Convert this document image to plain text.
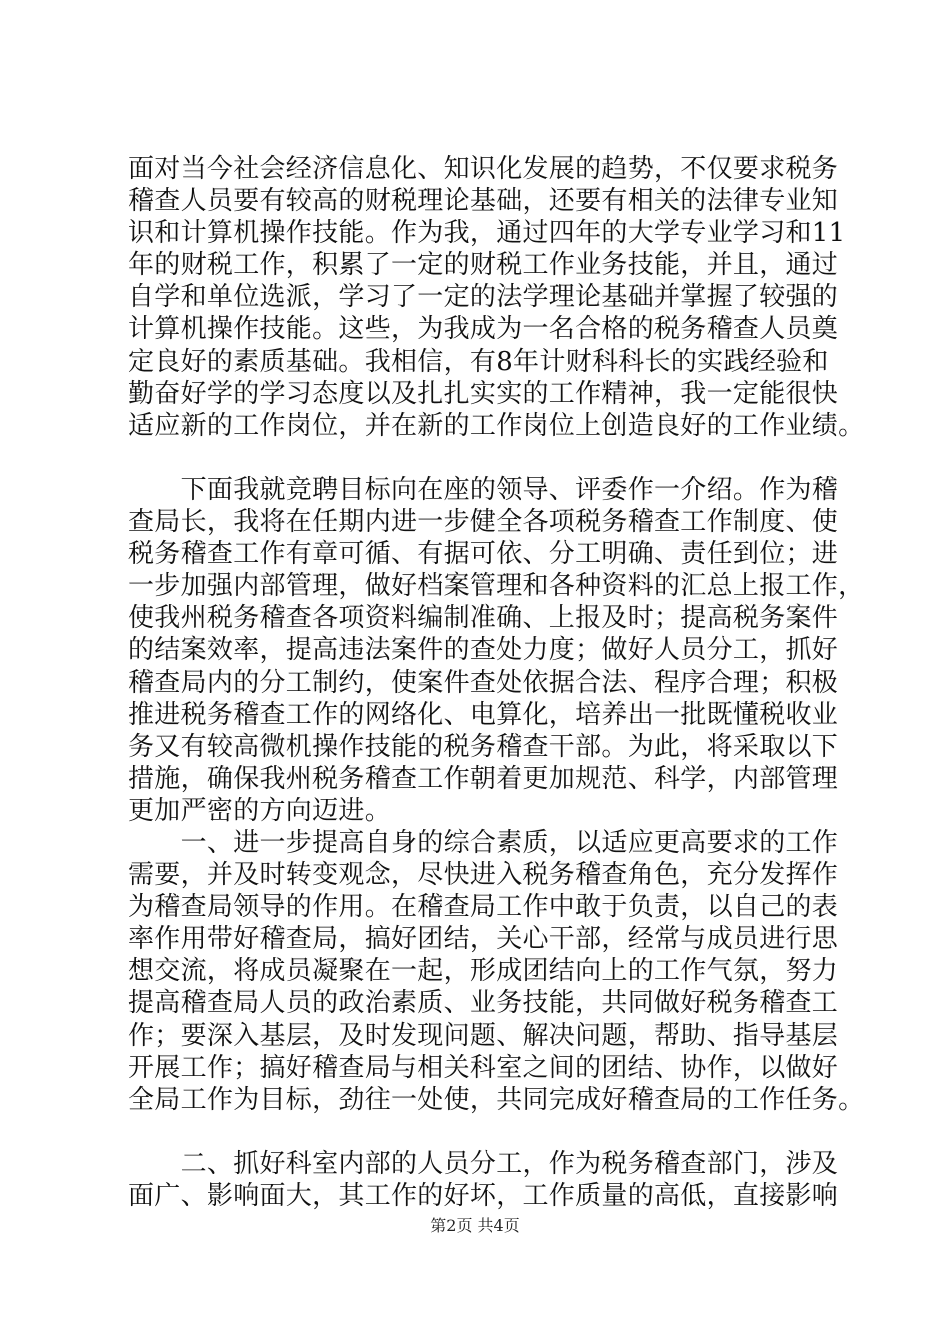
面对当今社会经济信息化、知识化发展的趋势，不仅要求税务
稽查人员要有较高的财税理论基础，还要有相关的法律专业知
识和计算机操作技能。作为我，通过四年的大学专业学习和11
年的财税工作，积累了一定的财税工作业务技能，并且，通过
自学和单位选派，学习了一定的法学理论基础并掌握了较强的
计算机操作技能。这些，为我成为一名合格的税务稽查人员奠
定良好的素质基础。我相信，有8年计财科科长的实践经验和
勤奋好学的学习态度以及扎扎实实的工作精神，我一定能很快
适应新的工作岗位，并在新的工作岗位上创造良好的工作业绩。
　　下面我就竞聘目标向在座的领导、评委作一介绍。作为稽
查局长，我将在任期内进一步健全各项税务稽查工作制度、使
税务稽查工作有章可循、有据可依、分工明确、责任到位；进
一步加强内部管理，做好档案管理和各种资料的汇总上报工作，
使我州税务稽查各项资料编制准确、上报及时；提高税务案件
的结案效率，提高违法案件的查处力度；做好人员分工，抓好
稽查局内的分工制约，使案件查处依据合法、程序合理；积极
推进税务稽查工作的网络化、电算化，培养出一批既懂税收业
务又有较高微机操作技能的税务稽查干部。为此，将采取以下
措施，确保我州税务稽查工作朝着更加规范、科学，内部管理
更加严密的方向迈进。
　　一、进一步提高自身的综合素质，以适应更高要求的工作
需要，并及时转变观念，尽快进入税务稽查角色，充分发挥作
为稽查局领导的作用。在稽查局工作中敢于负责，以自己的表
率作用带好稽查局，搞好团结，关心干部，经常与成员进行思
想交流，将成员凝聚在一起，形成团结向上的工作气氛，努力
提高稽查局人员的政治素质、业务技能，共同做好税务稽查工
作；要深入基层，及时发现问题、解决问题，帮助、指导基层
开展工作；搞好稽查局与相关科室之间的团结、协作，以做好
全局工作为目标，劲往一处使，共同完成好稽查局的工作任务。
　　二、抓好科室内部的人员分工，作为税务稽查部门，涉及
面广、影响面大，其工作的好坏，工作质量的高低，直接影响
第2页 共4页
